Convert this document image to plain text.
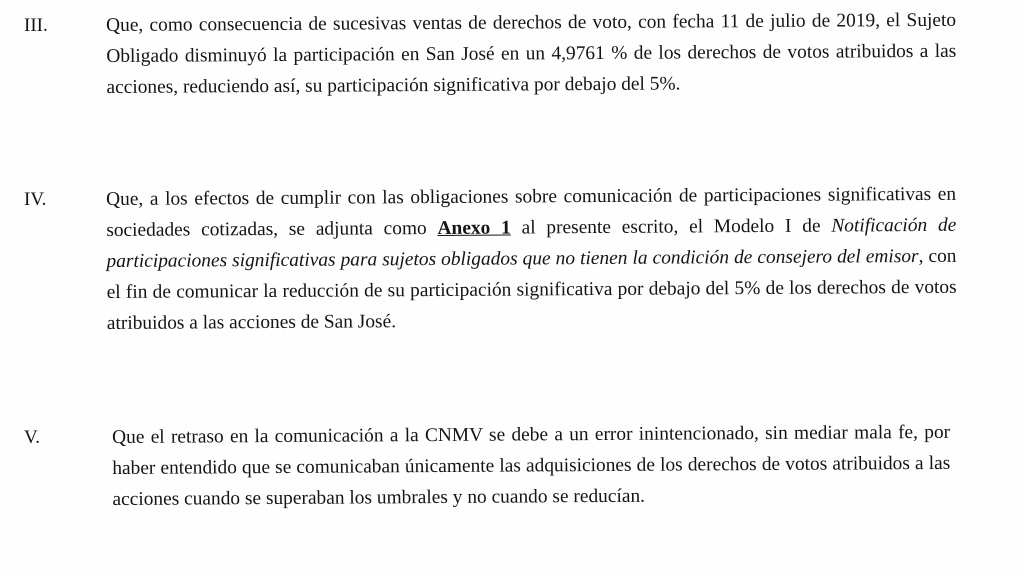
III.	Que, como consecuencia de sucesivas ventas de derechos de voto, con fecha 11 de julio de 2019, el Sujeto Obligado disminuyó la participación en San José en un 4,9761 % de los derechos de votos atribuidos a las acciones, reduciendo así, su participación significativa por debajo del 5%.
IV.	Que, a los efectos de cumplir con las obligaciones sobre comunicación de participaciones significativas en sociedades cotizadas, se adjunta como Anexo 1 al presente escrito, el Modelo I de Notificación de participaciones significativas para sujetos obligados que no tienen la condición de consejero del emisor, con el fin de comunicar la reducción de su participación significativa por debajo del 5% de los derechos de votos atribuidos a las acciones de San José.
V.	Que el retraso en la comunicación a la CNMV se debe a un error inintencionado, sin mediar mala fe, por haber entendido que se comunicaban únicamente las adquisiciones de los derechos de votos atribuidos a las acciones cuando se superaban los umbrales y no cuando se reducían.
